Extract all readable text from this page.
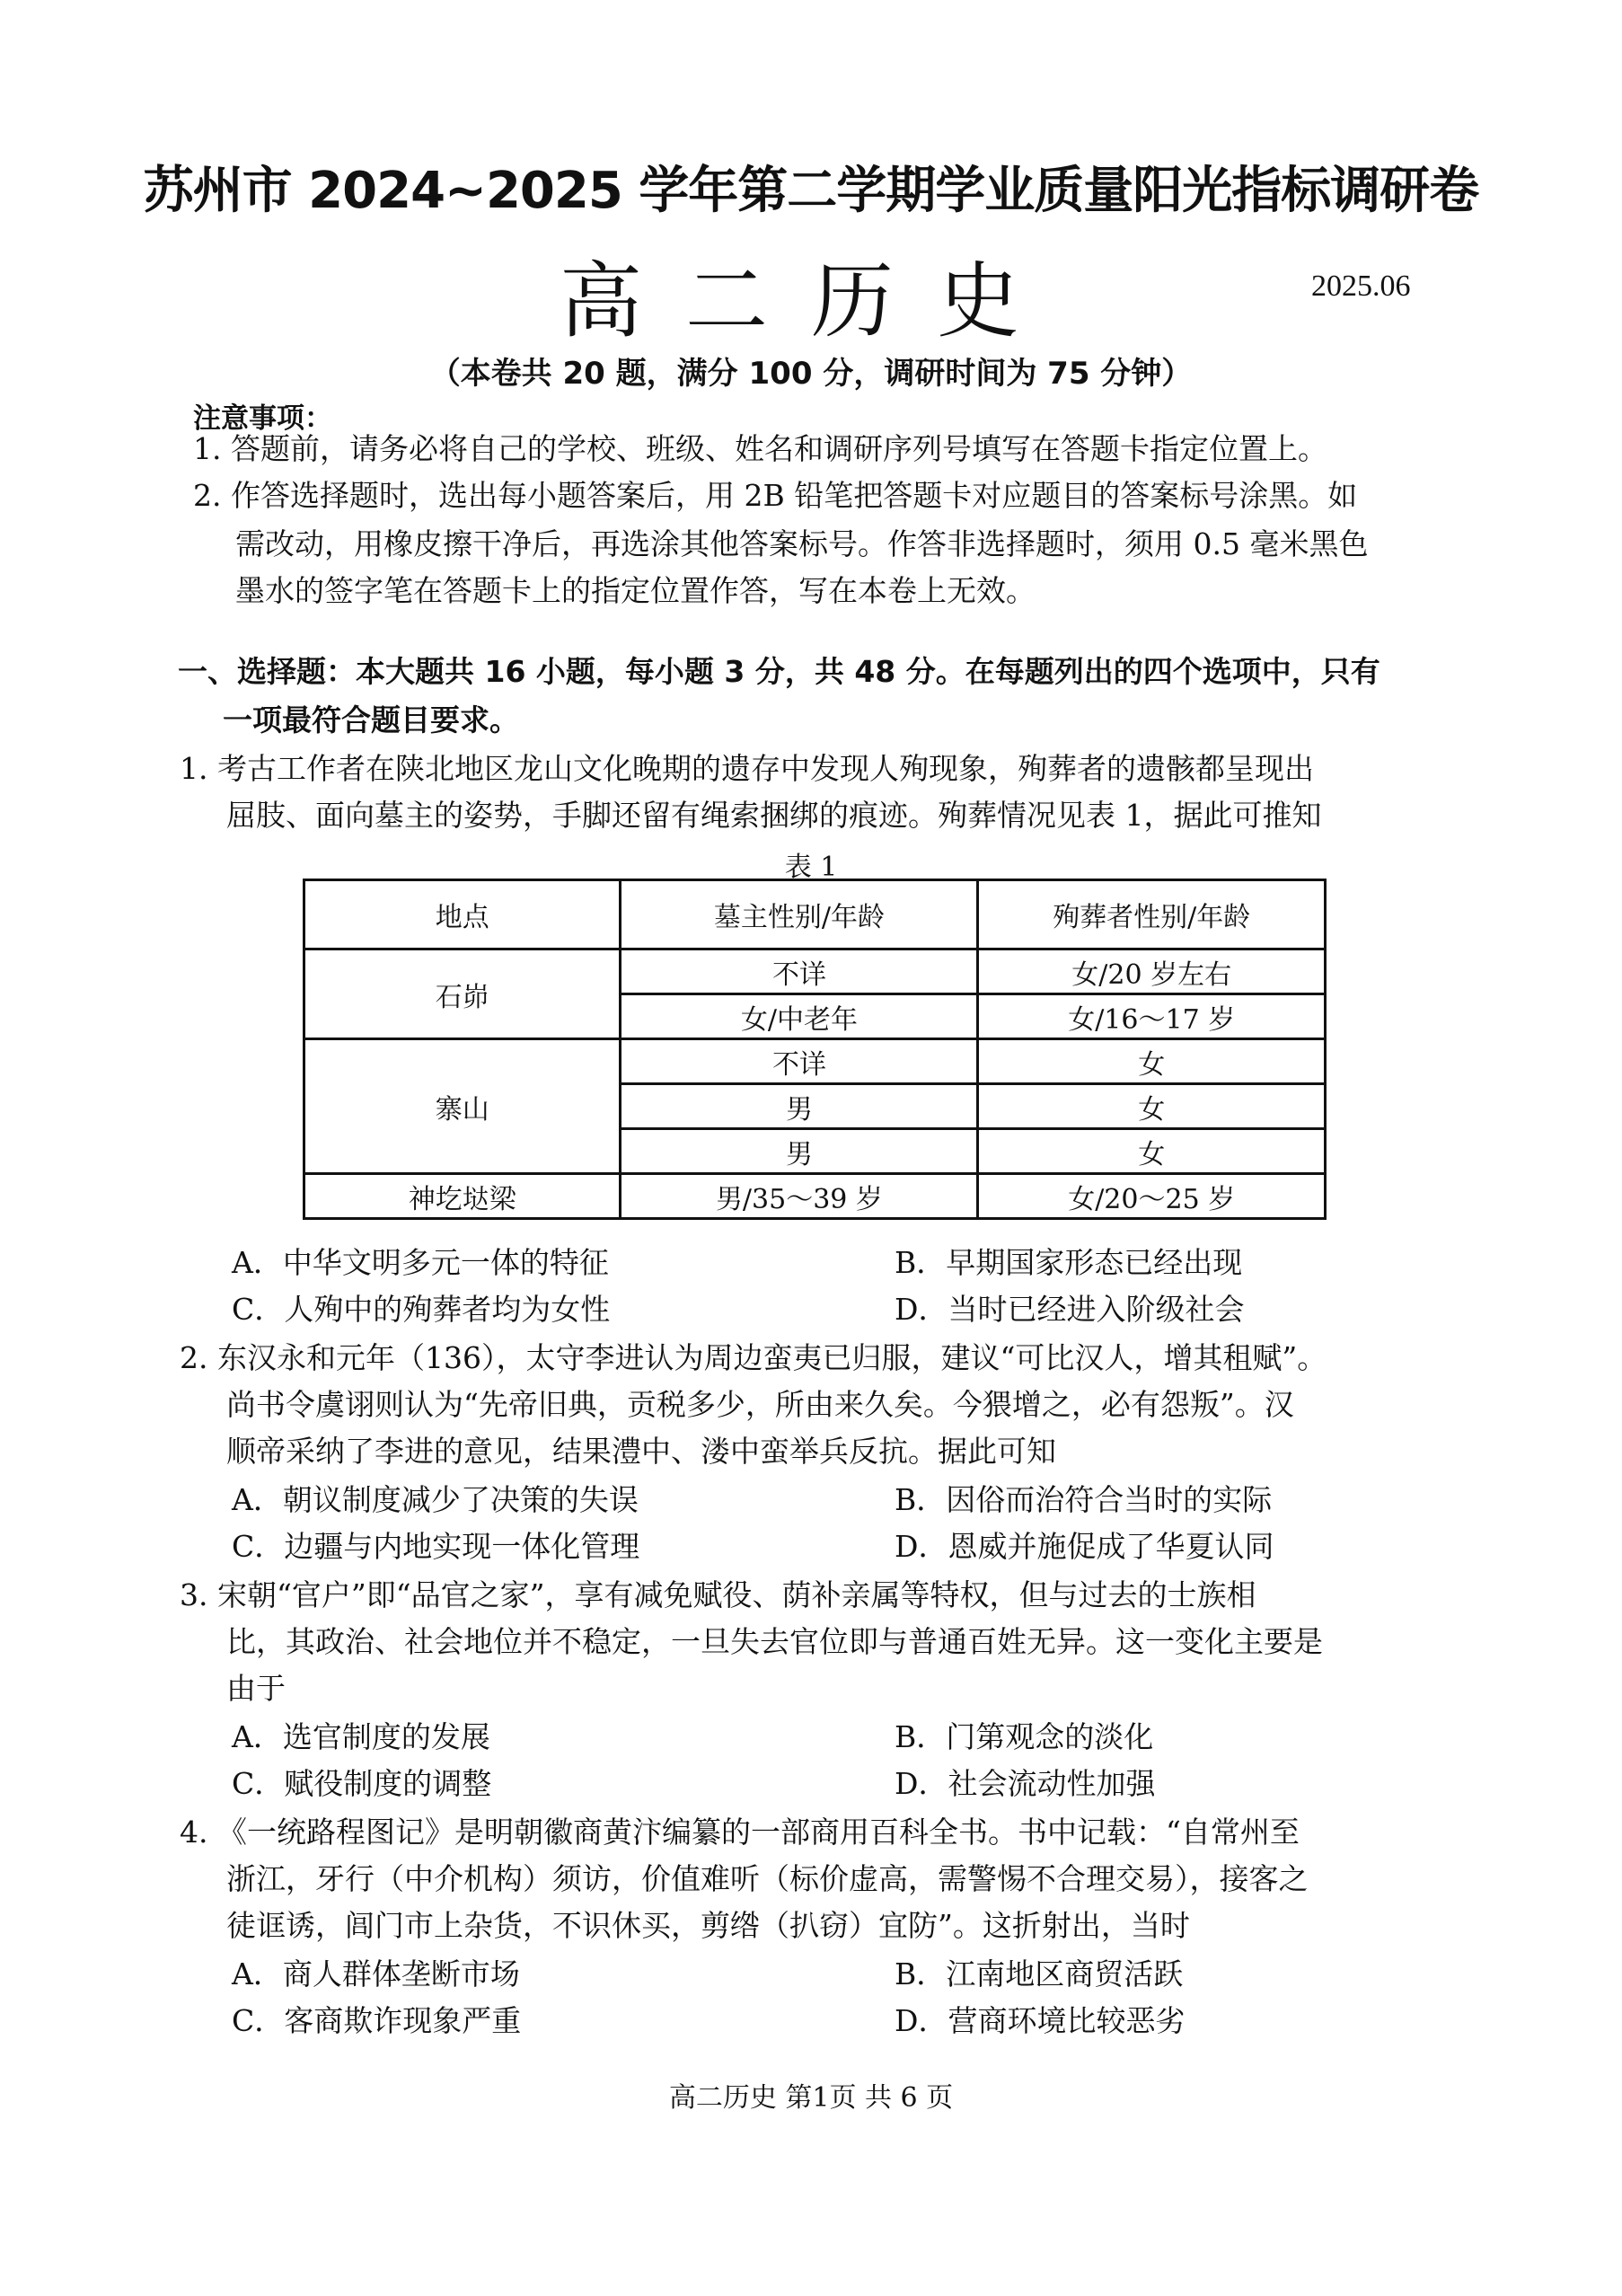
苏州市 2024~2025 学年第二学期学业质量阳光指标调研卷
高二历史	2025.06
（本卷共 20 题，满分 100 分，调研时间为 75 分钟）
注意事项：
1. 答题前，请务必将自己的学校、班级、姓名和调研序列号填写在答题卡指定位置上。
2. 作答选择题时，选出每小题答案后，用 2B 铅笔把答题卡对应题目的答案标号涂黑。如
需改动，用橡皮擦干净后，再选涂其他答案标号。作答非选择题时，须用 0.5 毫米黑色
墨水的签字笔在答题卡上的指定位置作答，写在本卷上无效。
一、选择题：本大题共 16 小题，每小题 3 分，共 48 分。在每题列出的四个选项中，只有
一项最符合题目要求。
1. 考古工作者在陕北地区龙山文化晚期的遗存中发现人殉现象，殉葬者的遗骸都呈现出
屈肢、面向墓主的姿势，手脚还留有绳索捆绑的痕迹。殉葬情况见表 1，据此可推知
表 1
地点	墓主性别/年龄	殉葬者性别/年龄
石峁	不详	女/20 岁左右
	女/中老年	女/16～17 岁
寨山	不详	女
	男	女
	男	女
神圪垯梁	男/35～39 岁	女/20～25 岁
A．中华文明多元一体的特征	B．早期国家形态已经出现
C．人殉中的殉葬者均为女性	D．当时已经进入阶级社会
2. 东汉永和元年（136），太守李进认为周边蛮夷已归服，建议“可比汉人，增其租赋”。
尚书令虞诩则认为“先帝旧典，贡税多少，所由来久矣。今猥增之，必有怨叛”。汉
顺帝采纳了李进的意见，结果澧中、溇中蛮举兵反抗。据此可知
A．朝议制度减少了决策的失误	B．因俗而治符合当时的实际
C．边疆与内地实现一体化管理	D．恩威并施促成了华夏认同
3. 宋朝“官户”即“品官之家”，享有减免赋役、荫补亲属等特权，但与过去的士族相
比，其政治、社会地位并不稳定，一旦失去官位即与普通百姓无异。这一变化主要是
由于
A．选官制度的发展	B．门第观念的淡化
C．赋役制度的调整	D．社会流动性加强
4. 《一统路程图记》是明朝徽商黄汴编纂的一部商用百科全书。书中记载：“自常州至
浙江，牙行（中介机构）须访，价值难听（标价虚高，需警惕不合理交易），接客之
徒诓诱，闾门市上杂货，不识休买，剪绺（扒窃）宜防”。这折射出，当时
A．商人群体垄断市场	B．江南地区商贸活跃
C．客商欺诈现象严重	D．营商环境比较恶劣
高二历史 第1页 共 6 页
